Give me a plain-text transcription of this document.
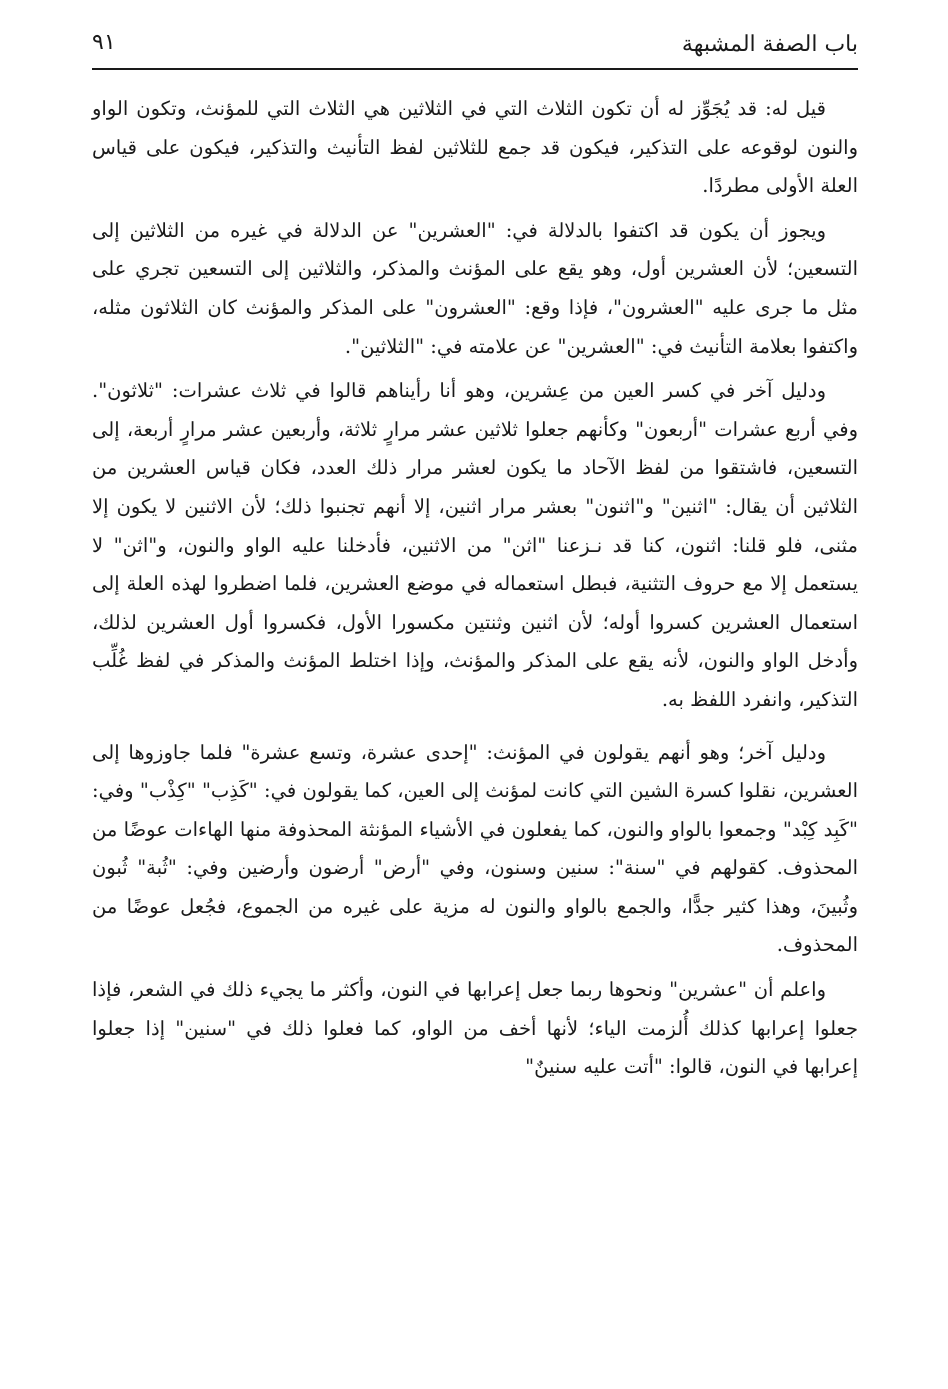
٩١	باب الصفة المشبهة

قيل له: قد يُجَوِّز له أن تكون الثلاث التي في الثلاثين هي الثلاث التي للمؤنث، وتكون الواو والنون لوقوعه على التذكير، فيكون قد جمع للثلاثين لفظ التأنيث والتذكير، فيكون على قياس العلة الأولى مطردًا.

ويجوز أن يكون قد اكتفوا بالدلالة في: "العشرين" عن الدلالة في غيره من الثلاثين إلى التسعين؛ لأن العشرين أول، وهو يقع على المؤنث والمذكر، والثلاثين إلى التسعين تجري على مثل ما جرى عليه "العشرون"، فإذا وقع: "العشرون" على المذكر والمؤنث كان الثلاثون مثله، واكتفوا بعلامة التأنيث في: "العشرين" عن علامته في: "الثلاثين".

ودليل آخر في كسر العين من عِشرين، وهو أنا رأيناهم قالوا في ثلاث عشرات: "ثلاثون". وفي أربع عشرات "أربعون" وكأنهم جعلوا ثلاثين عشر مرارٍ ثلاثة، وأربعين عشر مرارٍ أربعة، إلى التسعين، فاشتقوا من لفظ الآحاد ما يكون لعشر مرار ذلك العدد، فكان قياس العشرين من الثلاثين أن يقال: "اثنين" و"اثنون" بعشر مرار اثنين، إلا أنهم تجنبوا ذلك؛ لأن الاثنين لا يكون إلا مثنى، فلو قلنا: اثنون، كنا قد نـزعنا "اثن" من الاثنين، فأدخلنا عليه الواو والنون، و"اثن" لا يستعمل إلا مع حروف التثنية، فبطل استعماله في موضع العشرين، فلما اضطروا لهذه العلة إلى استعمال العشرين كسروا أوله؛ لأن اثنين وثنتين مكسورا الأول، فكسروا أول العشرين لذلك، وأدخل الواو والنون، لأنه يقع على المذكر والمؤنث، وإذا اختلط المؤنث والمذكر في لفظ غُلِّب التذكير، وانفرد اللفظ به.

ودليل آخر؛ وهو أنهم يقولون في المؤنث: "إحدى عشرة، وتسع عشرة" فلما جاوزوها إلى العشرين، نقلوا كسرة الشين التي كانت لمؤنث إلى العين، كما يقولون في: "كَذِب" "كِذْب" وفي: "كَبِد كِبْد" وجمعوا بالواو والنون، كما يفعلون في الأشياء المؤنثة المحذوفة منها الهاءات عوضًا من المحذوف. كقولهم في "سنة": سنين وسنون، وفي "أرض" أرضون وأرضين وفي: "ثُبة" ثُبون وثُبينَ، وهذا كثير جدًّا، والجمع بالواو والنون له مزية على غيره من الجموع، فجُعل عوضًا من المحذوف.

واعلم أن "عشرين" ونحوها ربما جعل إعرابها في النون، وأكثر ما يجيء ذلك في الشعر، فإذا جعلوا إعرابها كذلك أُلزمت الياء؛ لأنها أخف من الواو، كما فعلوا ذلك في "سنين" إذا جعلوا إعرابها في النون، قالوا: "أتت عليه سنينٌ"
